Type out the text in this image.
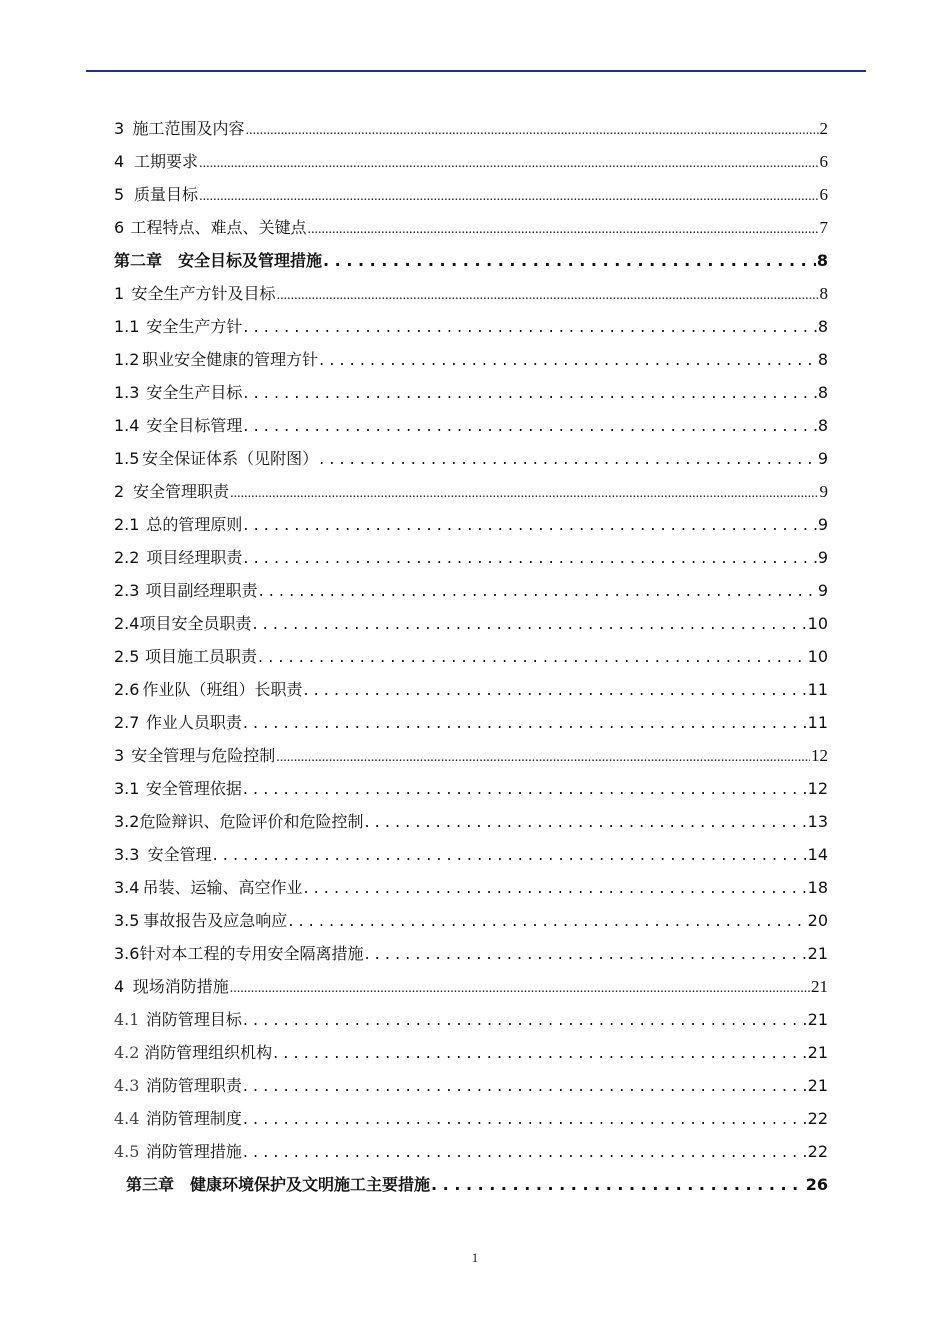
3 施工范围及内容 .....	2
4 工期要求 .....	6
5 质量目标 .....	6
6 工程特点、难点、关键点 .....	7
第二章　安全目标及管理措施 . . .	8
1 安全生产方针及目标 .....	8
1.1 安全生产方针 . . .	8
1.2 职业安全健康的管理方针 . . .	8
1.3 安全生产目标 . . .	8
1.4 安全目标管理 . . .	8
1.5 安全保证体系（见附图） . . .	9
2 安全管理职责 .....	9
2.1 总的管理原则 . . .	9
2.2 项目经理职责 . . .	9
2.3 项目副经理职责 . . .	9
2.4 项目安全员职责 . . .	10
2.5 项目施工员职责 . . .	10
2.6 作业队（班组）长职责 . . .	11
2.7 作业人员职责 . . .	11
3 安全管理与危险控制 .....	12
3.1 安全管理依据 . . .	12
3.2 危险辩识、危险评价和危险控制 . . .	13
3.3 安全管理 . . .	14
3.4 吊装、运输、高空作业 . . .	18
3.5 事故报告及应急响应 . . .	20
3.6 针对本工程的专用安全隔离措施 . . .	21
4 现场消防措施 .....	21
4.1 消防管理目标 . . .	21
4.2 消防管理组织机构 . . .	21
4.3 消防管理职责 . . .	21
4.4 消防管理制度 . . .	22
4.5 消防管理措施 . . .	22
第三章　健康环境保护及文明施工主要措施 . . .	26
1
